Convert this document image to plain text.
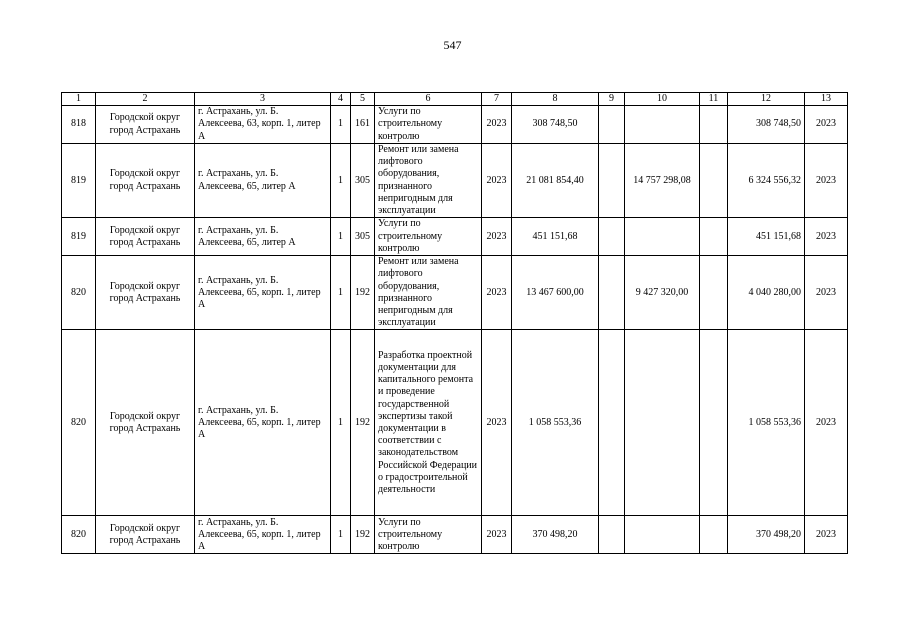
547
1	2	3	4	5	6	7	8	9	10	11	12	13
818	Городской округ город Астрахань	г. Астрахань, ул. Б. Алексеева, 63, корп. 1, литер А	1	161	Услуги по строительному контролю	2023	308 748,50				308 748,50	2023
819	Городской округ город Астрахань	г. Астрахань, ул. Б. Алексеева, 65, литер А	1	305	Ремонт или замена лифтового оборудования, признанного непригодным для эксплуатации	2023	21 081 854,40		14 757 298,08		6 324 556,32	2023
819	Городской округ город Астрахань	г. Астрахань, ул. Б. Алексеева, 65, литер А	1	305	Услуги по строительному контролю	2023	451 151,68				451 151,68	2023
820	Городской округ город Астрахань	г. Астрахань, ул. Б. Алексеева, 65, корп. 1, литер А	1	192	Ремонт или замена лифтового оборудования, признанного непригодным для эксплуатации	2023	13 467 600,00		9 427 320,00		4 040 280,00	2023
820	Городской округ город Астрахань	г. Астрахань, ул. Б. Алексеева, 65, корп. 1, литер А	1	192	Разработка проектной документации для капитального ремонта и проведение государственной экспертизы такой документации в соответствии с законодательством Российской Федерации о градостроительной деятельности	2023	1 058 553,36				1 058 553,36	2023
820	Городской округ город Астрахань	г. Астрахань, ул. Б. Алексеева, 65, корп. 1, литер А	1	192	Услуги по строительному контролю	2023	370 498,20				370 498,20	2023
